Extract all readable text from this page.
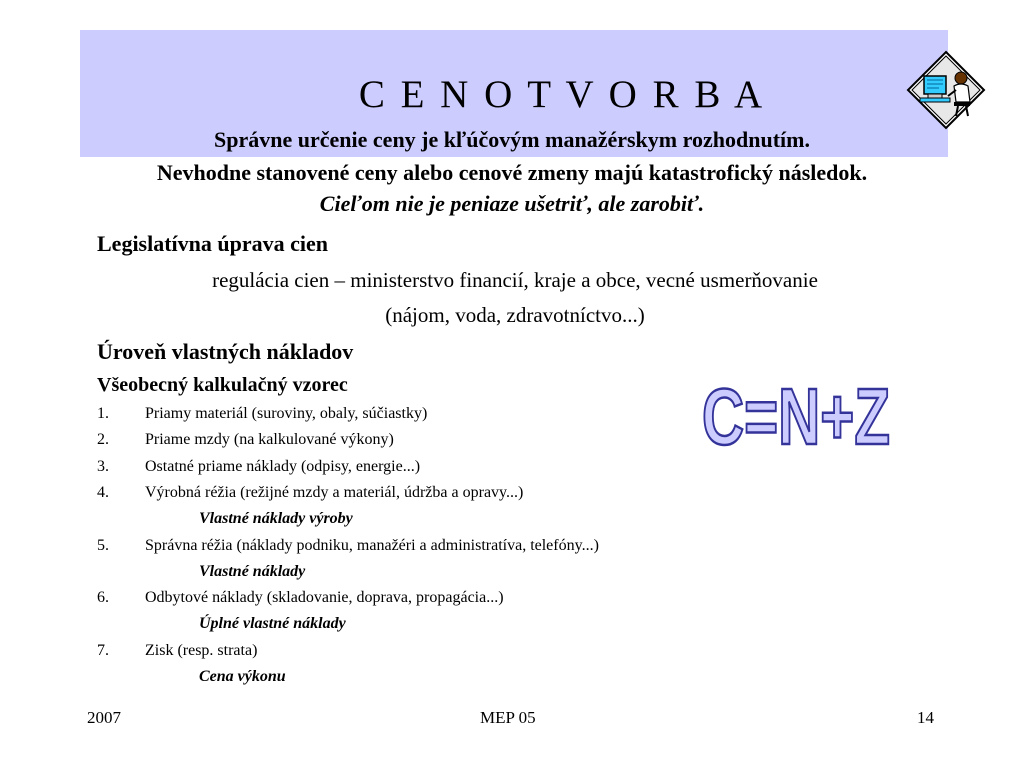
C E N O T V O R B A
Správne určenie ceny je kľúčovým manažérskym rozhodnutím.
Nevhodne stanovené ceny alebo cenové zmeny majú katastrofický následok.
Cieľom nie je peniaze ušetriť, ale zarobiť.
Legislatívna úprava cien
regulácia cien – ministerstvo financií, kraje a obce, vecné usmerňovanie
(nájom, voda, zdravotníctvo...)
Úroveň vlastných nákladov
Všeobecný kalkulačný vzorec
1. Priamy materiál (suroviny, obaly, súčiastky)
2. Priame mzdy (na kalkulované výkony)
3. Ostatné priame náklady (odpisy, energie...)
4. Výrobná réžia (režijné mzdy a materiál, údržba a opravy...)
Vlastné náklady výroby
5. Správna réžia (náklady podniku, manažéri a administratíva, telefóny...)
Vlastné náklady
6. Odbytové náklady (skladovanie, doprava, propagácia...)
Úplné vlastné náklady
7. Zisk (resp. strata)
Cena výkonu
C=N+Z
2007	MEP 05	14
